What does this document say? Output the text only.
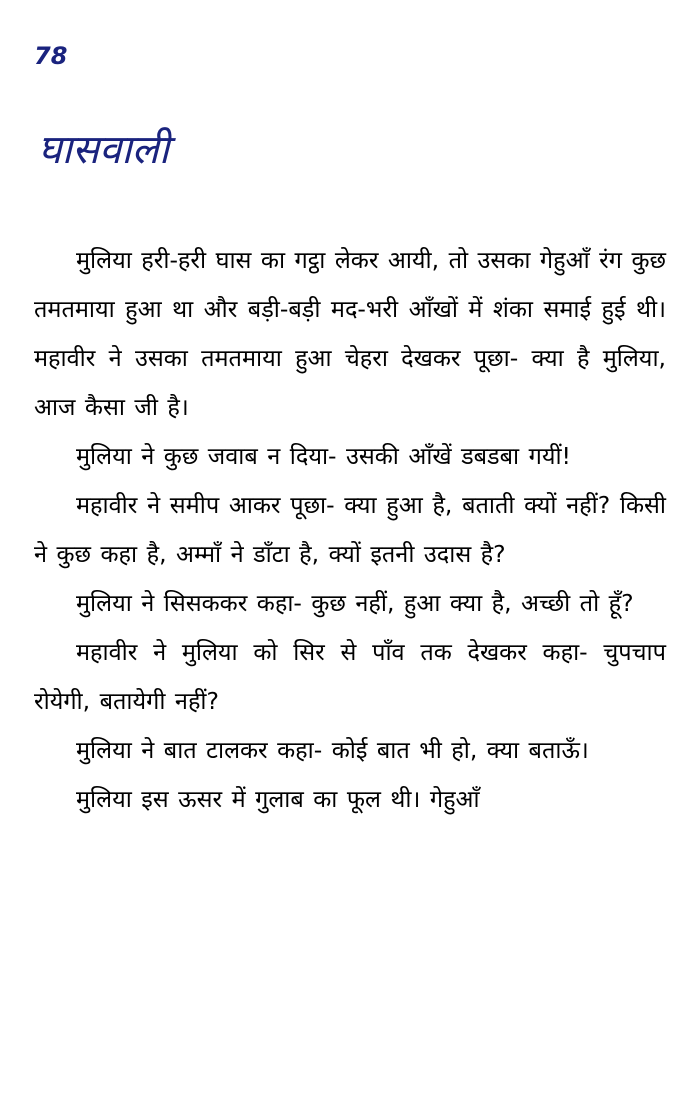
78
घासवाली

मुलिया हरी-हरी घास का गट्ठा लेकर आयी, तो उसका गेहुआँ रंग कुछ तमतमाया हुआ था और बड़ी-बड़ी मद-भरी आँखों में शंका समाई हुई थी। महावीर ने उसका तमतमाया हुआ चेहरा देखकर पूछा- क्या है मुलिया, आज कैसा जी है।

मुलिया ने कुछ जवाब न दिया- उसकी आँखें डबडबा गयीं!

महावीर ने समीप आकर पूछा- क्या हुआ है, बताती क्यों नहीं? किसी ने कुछ कहा है, अम्माँ ने डाँटा है, क्यों इतनी उदास है?

मुलिया ने सिसककर कहा- कुछ नहीं, हुआ क्या है, अच्छी तो हूँ?

महावीर ने मुलिया को सिर से पाँव तक देखकर कहा- चुपचाप रोयेगी, बतायेगी नहीं?

मुलिया ने बात टालकर कहा- कोई बात भी हो, क्या बताऊँ।

मुलिया इस ऊसर में गुलाब का फूल थी। गेहुआँ
